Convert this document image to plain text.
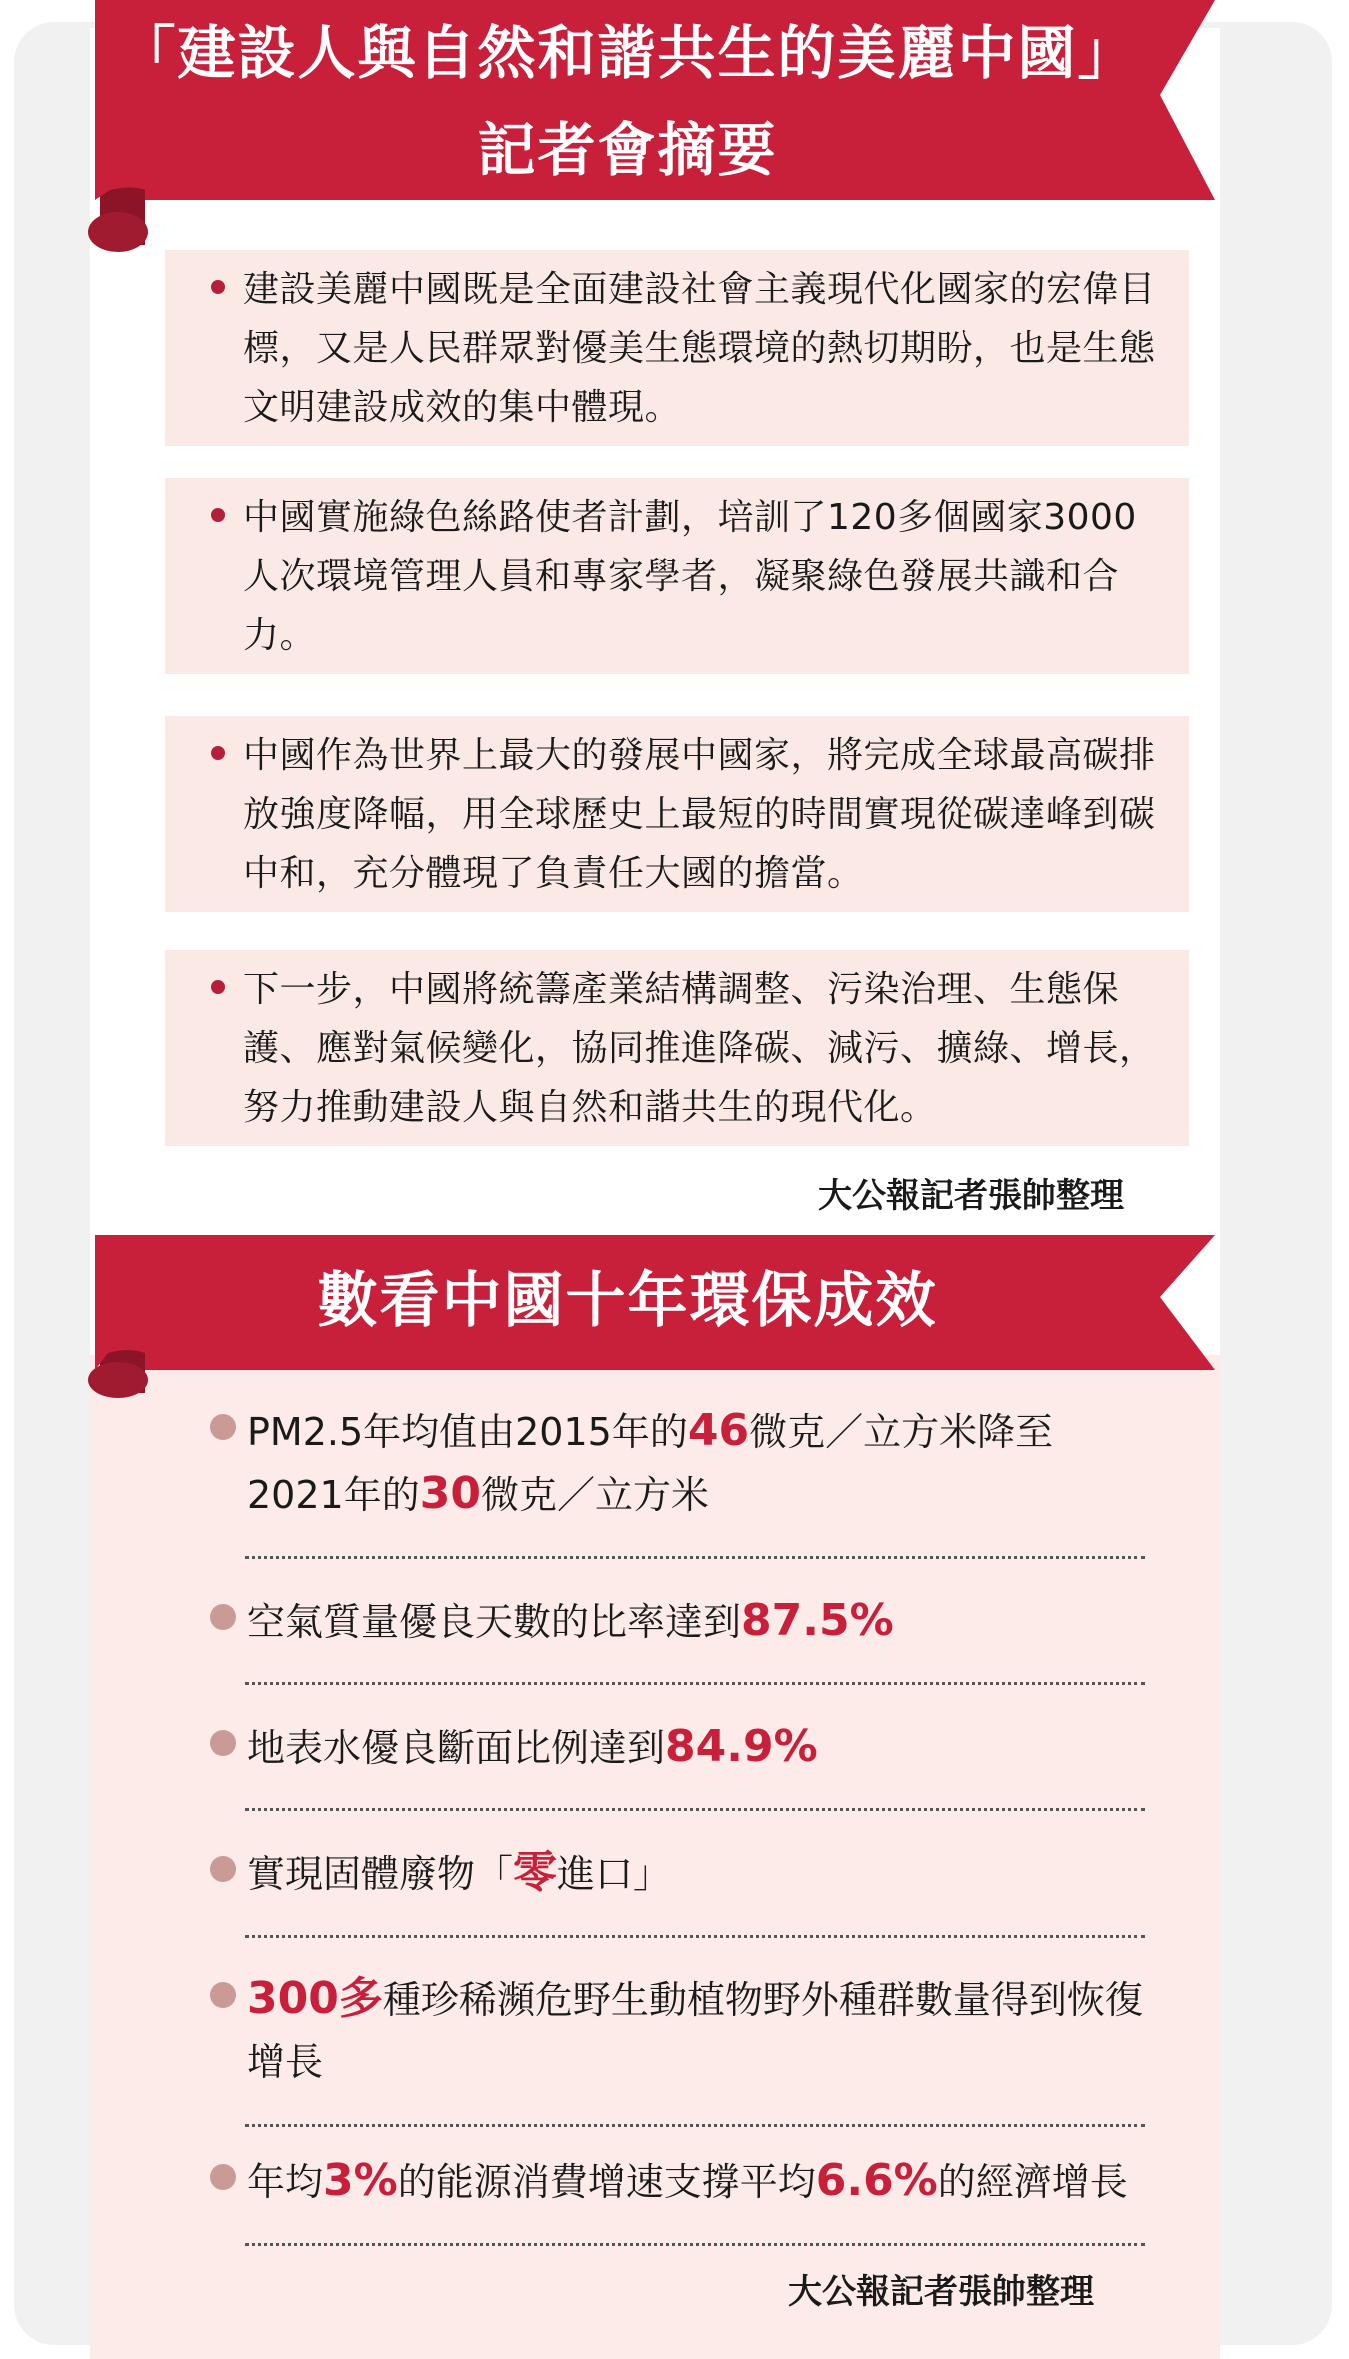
「建設人與自然和諧共生的美麗中國」
記者會摘要
建設美麗中國既是全面建設社會主義現代化國家的宏偉目標，又是人民群眾對優美生態環境的熱切期盼，也是生態文明建設成效的集中體現。
中國實施綠色絲路使者計劃，培訓了120多個國家3000人次環境管理人員和專家學者，凝聚綠色發展共識和合力。
中國作為世界上最大的發展中國家，將完成全球最高碳排放強度降幅，用全球歷史上最短的時間實現從碳達峰到碳中和，充分體現了負責任大國的擔當。
下一步，中國將統籌產業結構調整、污染治理、生態保護、應對氣候變化，協同推進降碳、減污、擴綠、增長，努力推動建設人與自然和諧共生的現代化。
大公報記者張帥整理
數看中國十年環保成效
PM2.5年均值由2015年的46微克／立方米降至2021年的30微克／立方米
空氣質量優良天數的比率達到87.5%
地表水優良斷面比例達到84.9%
實現固體廢物「零進口」
300多種珍稀瀕危野生動植物野外種群數量得到恢復增長
年均3%的能源消費增速支撐平均6.6%的經濟增長
大公報記者張帥整理
